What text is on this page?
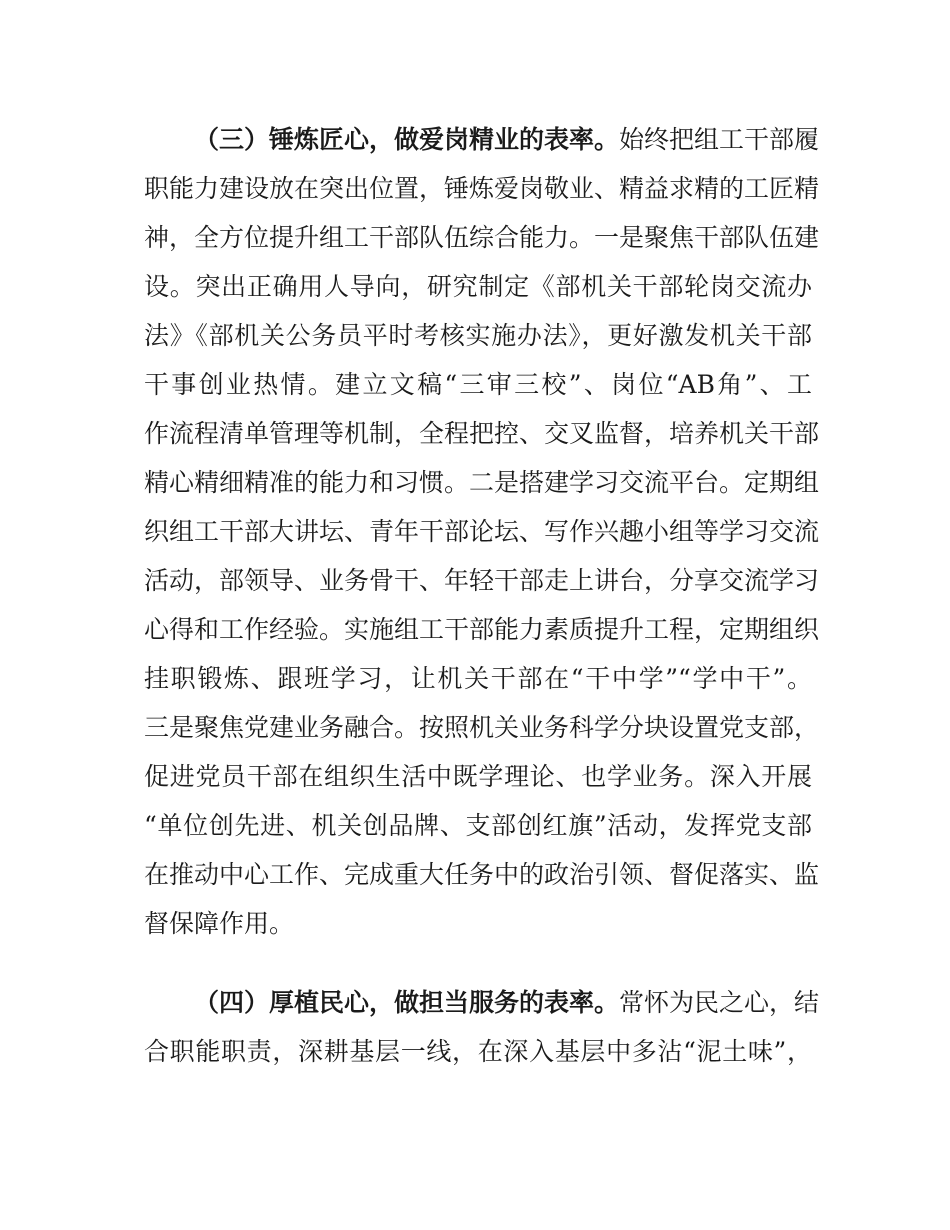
（三）锤炼匠心，做爱岗精业的表率。始终把组工干部履
职能力建设放在突出位置，锤炼爱岗敬业、精益求精的工匠精
神，全方位提升组工干部队伍综合能力。一是聚焦干部队伍建
设。突出正确用人导向，研究制定《部机关干部轮岗交流办
法》《部机关公务员平时考核实施办法》，更好激发机关干部
干事创业热情。建立文稿“三审三校”、岗位“AB角”、工
作流程清单管理等机制，全程把控、交叉监督，培养机关干部
精心精细精准的能力和习惯。二是搭建学习交流平台。定期组
织组工干部大讲坛、青年干部论坛、写作兴趣小组等学习交流
活动，部领导、业务骨干、年轻干部走上讲台，分享交流学习
心得和工作经验。实施组工干部能力素质提升工程，定期组织
挂职锻炼、跟班学习，让机关干部在“干中学”“学中干”。
三是聚焦党建业务融合。按照机关业务科学分块设置党支部，
促进党员干部在组织生活中既学理论、也学业务。深入开展
“单位创先进、机关创品牌、支部创红旗”活动，发挥党支部
在推动中心工作、完成重大任务中的政治引领、督促落实、监
督保障作用。
（四）厚植民心，做担当服务的表率。常怀为民之心，结
合职能职责，深耕基层一线，在深入基层中多沾“泥土味”，
